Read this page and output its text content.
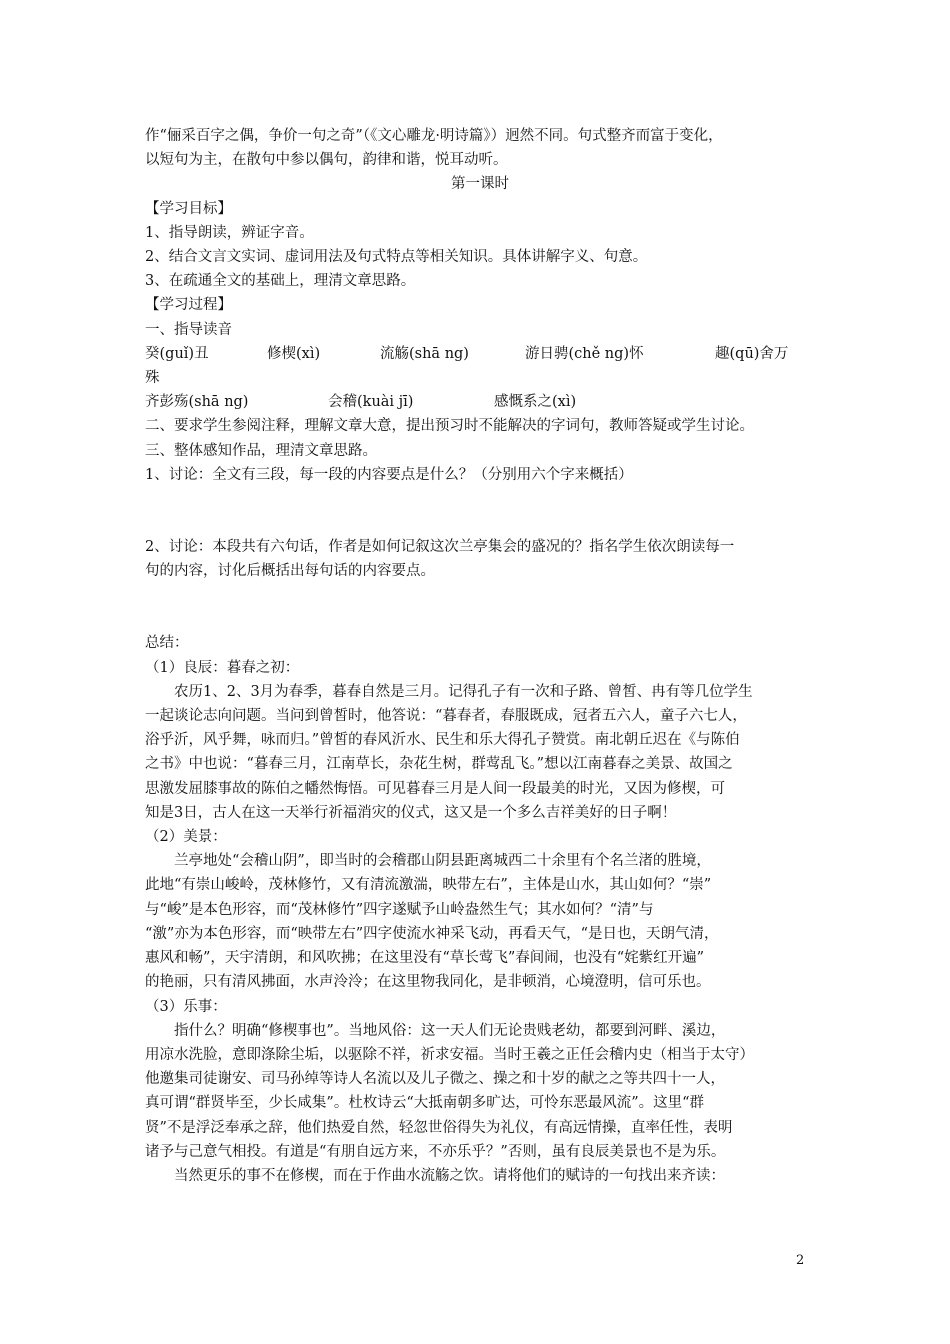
作“俪采百字之偶，争价一句之奇”（《文心雕龙·明诗篇》）迥然不同。句式整齐而富于变化，

以短句为主，在散句中参以偶句，韵律和谐，悦耳动听。

第一课时

【学习目标】

1、指导朗读，辨证字音。

2、结合文言文实词、虚词用法及句式特点等相关知识。具体讲解字义、句意。

3、在疏通全文的基础上，理清文章思路。

【学习过程】

一、指导读音

癸(guǐ)丑	修楔(xì)	流觞(shā ng)	游日骋(chě ng)怀	趣(qū)舍万

殊

齐彭殇(shā ng)	会稽(kuài jī)	感慨系之(xì)

二、要求学生参阅注释，理解文章大意，提出预习时不能解决的字词句，教师答疑或学生讨论。

三、整体感知作品，理清文章思路。

1、讨论：全文有三段，每一段的内容要点是什么？（分别用六个字来概括）

2、讨论：本段共有六句话，作者是如何记叙这次兰亭集会的盛况的？指名学生依次朗读每一

句的内容，讨化后概括出每句话的内容要点。

总结：

（1）良辰：暮春之初：

农历1、2、3月为春季，暮春自然是三月。记得孔子有一次和子路、曾皙、冉有等几位学生

一起谈论志向问题。当问到曾皙时，他答说：“暮春者，春服既成，冠者五六人，童子六七人，

浴乎沂，风乎舞，咏而归。”曾皙的春风沂水、民生和乐大得孔子赞赏。南北朝丘迟在《与陈伯

之书》中也说：“暮春三月，江南草长，杂花生树，群莺乱飞。”想以江南暮春之美景、故国之

思激发屈膝事故的陈伯之幡然悔悟。可见暮春三月是人间一段最美的时光，又因为修楔，可

知是3日，古人在这一天举行祈福消灾的仪式，这又是一个多么吉祥美好的日子啊！

（2）美景：

兰亭地处“会稽山阴”，即当时的会稽郡山阴县距离城西二十余里有个名兰渚的胜境，

此地“有崇山峻岭，茂林修竹，又有清流激湍，映带左右”，主体是山水，其山如何？“崇”

与“峻”是本色形容，而“茂林修竹”四字遂赋予山岭盎然生气；其水如何？“清”与

“激”亦为本色形容，而“映带左右”四字使流水神采飞动，再看天气，“是日也，天朗气清，

惠风和畅”，天宇清朗，和风吹拂；在这里没有“草长莺飞”春间闹，也没有“姹紫红开遍”

的艳丽，只有清风拂面，水声泠泠；在这里物我同化，是非顿消，心境澄明，信可乐也。

（3）乐事：

指什么？明确“修楔事也”。当地风俗：这一天人们无论贵贱老幼，都要到河畔、溪边，

用凉水洗脸，意即涤除尘垢，以驱除不祥，祈求安福。当时王羲之正任会稽内史（相当于太守）

他邀集司徒谢安、司马孙绰等诗人名流以及儿子微之、操之和十岁的献之之等共四十一人，

真可谓“群贤毕至，少长咸集”。杜枚诗云“大抵南朝多旷达，可怜东恶最风流”。这里“群

贤”不是浮泛奉承之辞，他们热爱自然，轻忽世俗得失为礼仪，有高远情操，直率任性，表明

诸予与己意气相投。有道是“有朋自远方来，不亦乐乎？”否则，虽有良辰美景也不是为乐。

当然更乐的事不在修楔，而在于作曲水流觞之饮。请将他们的赋诗的一句找出来齐读：

2
